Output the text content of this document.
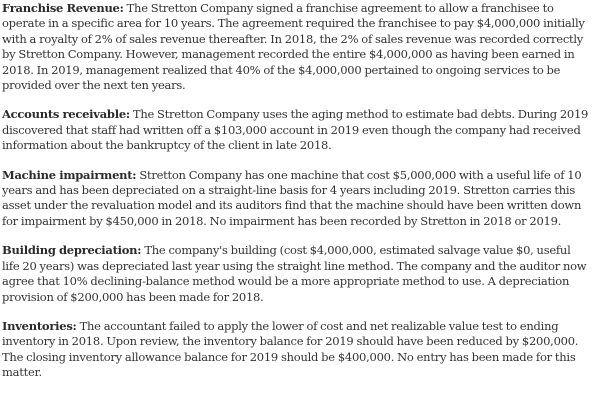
Franchise Revenue: The Stretton Company signed a franchise agreement to allow a franchisee to operate in a specific area for 10 years. The agreement required the franchisee to pay $4,000,000 initially with a royalty of 2% of sales revenue thereafter. In 2018, the 2% of sales revenue was recorded correctly by Stretton Company. However, management recorded the entire $4,000,000 as having been earned in 2018. In 2019, management realized that 40% of the $4,000,000 pertained to ongoing services to be provided over the next ten years.

Accounts receivable: The Stretton Company uses the aging method to estimate bad debts. During 2019 discovered that staff had written off a $103,000 account in 2019 even though the company had received information about the bankruptcy of the client in late 2018.

Machine impairment: Stretton Company has one machine that cost $5,000,000 with a useful life of 10 years and has been depreciated on a straight-line basis for 4 years including 2019. Stretton carries this asset under the revaluation model and its auditors find that the machine should have been written down for impairment by $450,000 in 2018. No impairment has been recorded by Stretton in 2018 or 2019.

Building depreciation: The company's building (cost $4,000,000, estimated salvage value $0, useful life 20 years) was depreciated last year using the straight line method. The company and the auditor now agree that 10% declining-balance method would be a more appropriate method to use. A depreciation provision of $200,000 has been made for 2018.

Inventories: The accountant failed to apply the lower of cost and net realizable value test to ending inventory in 2018. Upon review, the inventory balance for 2019 should have been reduced by $200,000. The closing inventory allowance balance for 2019 should be $400,000. No entry has been made for this matter.
